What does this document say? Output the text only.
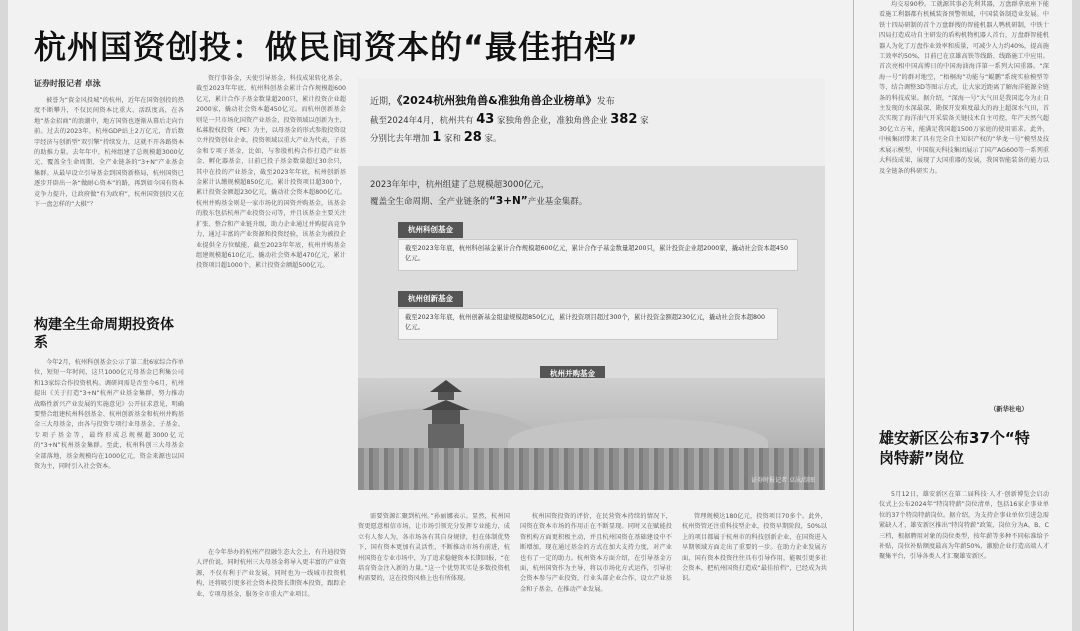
杭州国资创投：做民间资本的“最佳拍档”
证券时报记者 卓泳

被誉为“資金风投城”的杭州，近年在国资创投的热度不断攀升，不仅民间资本比重大、活跃度高，在各地“基金招商”的浪潮中，地方国资也逐渐从幕后走向台前。过去的2023年，杭州GDP站上2万亿元，背后数字经济与创新型“双引擎”持续发力，这就不开各路资本的助推力量。去年年中，杭州组建了总规模超3000亿元、覆盖全生命周期、全产业链条的“3+N”产业基金集群。从最早设立引导基金到国资新格局，杭州国资已逐步开辟出一条“做耐心资本”的路，再到如今国有资本竞争力提升，让政府做“有为政府”，杭州国资创投又在下一盘怎样的“大棋”？

构建全生命周期投资体系

今年2月，杭州科创基金公示了第二批6家综合作单位，短短一年时间，这只1000亿元母基金已利集公司和13家综合作投资机构。调研问需是否至今6月，杭州提出《关于打造“3+N”杭州产业基金集群，努力推动战略性新兴产业发展的实施意见》公开征求意见，明确要整合组建杭州科创基金、杭州创新基金和杭州并购基金三大母基金，由各与投资专项行业母基金、子基金、专项子基金等，最终形成总规模超3000亿元的“3+N”杭州基金集群。至此，杭州科创三大母基金全部落地，基金规模均在1000亿元，资金来源也以国资为主，同时引入社会资本。

资行事备金，天使引导基金，科技成果转化基金。截至2023年年底，杭州科创基金累计合作规模超600亿元，累计合作子基金数量超200只，累计投资企业超2000家，撬动社会资本超450亿元。而杭州创新基金则是一只市场化国资产业基金，投资领域以创新为主，私募股权投资（PE）为主，以母基金的形式参股投资设立并投资创业企业，投资领域以重大产业为代表，子基金和专项子基金，比如，与参股机构合作打造产业基金、孵化器基金，日前已投子基金数量超过30余只，其中在投的产业基金，截至2023年年底，杭州创新基金累计认缴规模超850亿元，累计投资项目超300个，累计投资金额超230亿元，撬动社会资本超800亿元。杭州并购基金则是一家市场化的国资并购基金，该基金的股东包括杭州产业投资公司等，并且该基金主要关注扩张、整合和产业链升级，助力企业通过并购提高竞争力，通过丰富的产业资源和投资经验，该基金为被投企业提供全方位赋能，截至2023年年底，杭州并购基金组建规模超610亿元，撬动社会资本超470亿元，累计投资项目超1000个，累计投资金额超500亿元。

在今年举办的杭州产投融生态大会上，有升迪投资人评价说，同时杭州三大母基金将导入更丰富的产业资源，不仅有利于产业发展，同时也为一线城市投资机构，还将吸引更多社会资本投资长期资本投资，跟踪企业，专项母基金，服务全市重大产业项目。

近期，《2024杭州独角兽&准独角兽企业榜单》发布
截至2024年4月，杭州共有 43 家独角兽企业，准独角兽企业 382 家
分别比去年增加 1 家和 28 家。
2023年年中，杭州组建了总规模超3000亿元，
覆盖全生命周期、全产业链条的“3+N”产业基金集群。
杭州科创基金
截至2023年年底，杭州科创基金累计合作规模超600亿元，累计合作子基金数量超200只，累计投资企业超2000家，撬动社会资本超450亿元。
杭州创新基金
截至2023年年底，杭州创新基金组建规模超850亿元，累计投资项目超过300个，累计投资金额超230亿元，撬动社会资本超800亿元。
杭州并购基金
证券时报记者 卓泳/制图

需要资源汇聚到杭州。”孙丽娜表示。显然，杭州国资更愿意相信市场，让市场引领充分发挥专业能力，成立有人参人为，各市场各有其自身规律，但在体制优势下，国有资本更加有灵活性，不断推动市场有前进，杭州国资在专业市场中，为了追求稳健资本长期回报，“在培育资金注入新的力量。”这一个优势其实是多数投资机构需要的，这在投资风格上也有所体现。

杭州国资投资的评价，在民营资本持续的情况下，国资在资本市场的作用正在不断显现。同时又在赋能投资机构方面更积极主动，并且杭州国资在基础建设中不断增加，现在通过基金的方式在加大支持力度，对产业也有了一定的助力。杭州资本方面介绍，在引导基金方面，杭州国资作为主导，将以市场化方式运作，引导社会资本参与产业投资，行业头部企业合作，设立产业基金和子基金，在推动产业发展。

管理规模达180亿元，投资项目70多个。此外，杭州资管还注重科技型企业，投资早期阶段，50%以上的项目都属于杭州市的科技创新企业，在国资进入早期领域方面走出了重要的一步。在助力企业发展方面，国有资本投资往往具有引导作用，能吸引更多社会资本，把杭州国资打造成“最佳拍档”，已经成为共识。

均交易90秒。工就源其事必先利其器，万盘群拿底座下能看施工利器都有机械装备预警领域，中国装备制造业发展。中铁十四局研制的首个万盘群搜的智能机器人鸭机研制，中铁十四局打造成功自主研发的盾构机物机器人首台，万盘群智能机器人为化了万盘作业效率和质量，可减少人力约40%，提高施工效率约50%，目前已在京雄高铁等线路、线路施工中应用。首次亮相中国高博日的中国海油海洋第一系列大国重器。“深海一号”的群对地空，“梧桐海”功能与“鲲鹏”系统实验模型等等，结合调整3D等图示方式，让大家近距离了解海洋能源全链条的科技成果。据介绍，“深海一号”大气田是我国迄今为止自主发现的水深最深、勘探开发难度最大的海上超深水气田，首次实现了海洋油气开采装备关键技术自主可控，年产天然气超30亿立方米，能满足我国超1500万家庭的使用需求。此外，中核集团带来了具有完全自主知识产权的“华龙一号”模型及技术展示模型，中国航天科技集团展示了国产AG600等一系列重大科技成果，展现了大国重器的发展，我国智能装备的能力以及全链条的科研实力。

（新华社电）
雄安新区公布37个“特岗特薪”岗位

5月12日，雄安新区在第二届科技·人才·创新博览会启动仪式上公布2024年“特岗特薪”岗位清单，包括16家企事业单位的37个特岗特薪岗位。据介绍，为支持企事业单位引进急需紧缺人才，雄安新区推出“特岗特薪”政策，岗位分为A、B、C三档，根据聘用对象的岗位类型，按年薪等多种不同标准给予补贴，岗位补贴额度最高为年薪50%，激励企业打造高端人才聚集平台，引导各类人才汇聚雄安新区。
